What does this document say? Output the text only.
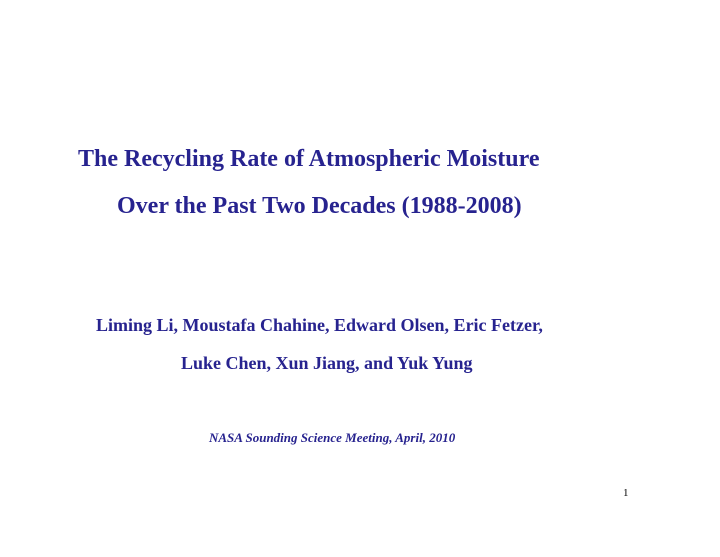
The Recycling Rate of Atmospheric Moisture
Over the Past Two Decades (1988-2008)
Liming Li, Moustafa Chahine, Edward Olsen, Eric Fetzer,
Luke Chen, Xun Jiang, and Yuk Yung
NASA Sounding Science Meeting, April, 2010
1
